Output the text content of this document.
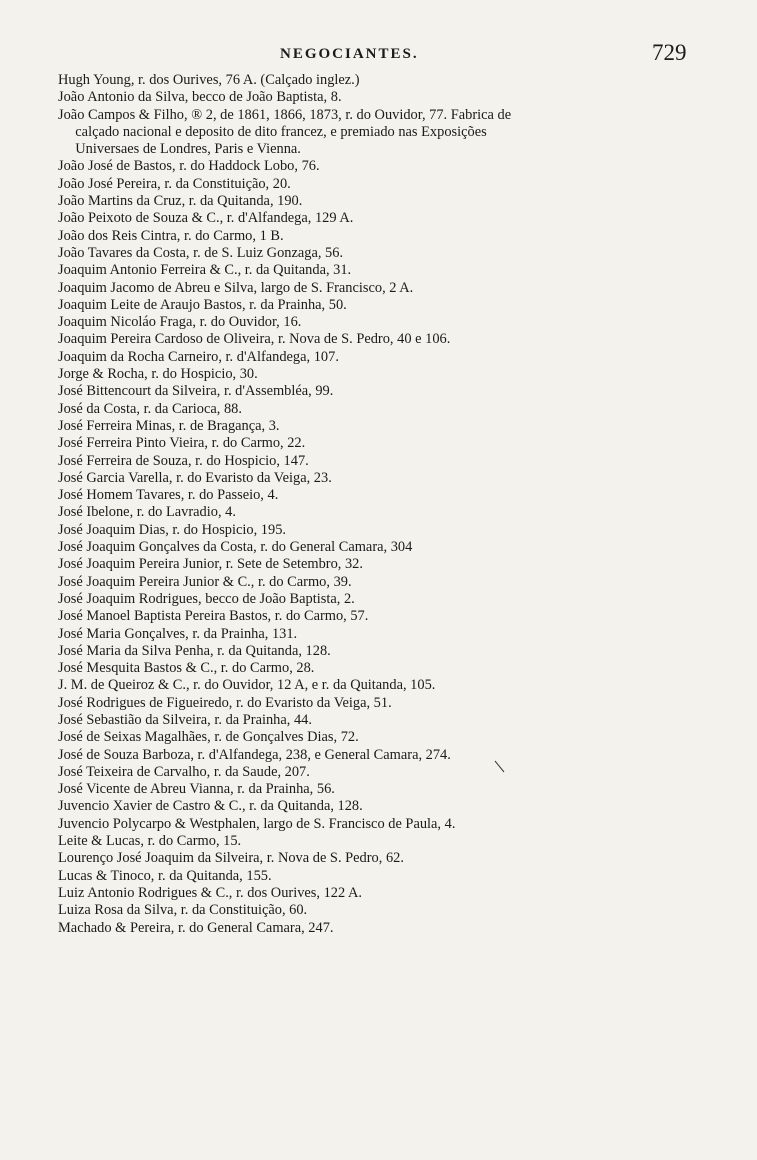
NEGOCIANTES.	729
Hugh Young, r. dos Ourives, 76 A. (Calçado inglez.)
João Antonio da Silva, becco de João Baptista, 8.
João Campos & Filho, ® 2, de 1861, 1866, 1873, r. do Ouvidor, 77. Fabrica de
calçado nacional e deposito de dito francez, e premiado nas Exposições
Universaes de Londres, Paris e Vienna.
João José de Bastos, r. do Haddock Lobo, 76.
João José Pereira, r. da Constituição, 20.
João Martins da Cruz, r. da Quitanda, 190.
João Peixoto de Souza & C., r. d'Alfandega, 129 A.
João dos Reis Cintra, r. do Carmo, 1 B.
João Tavares da Costa, r. de S. Luiz Gonzaga, 56.
Joaquim Antonio Ferreira & C., r. da Quitanda, 31.
Joaquim Jacomo de Abreu e Silva, largo de S. Francisco, 2 A.
Joaquim Leite de Araujo Bastos, r. da Prainha, 50.
Joaquim Nicoláo Fraga, r. do Ouvidor, 16.
Joaquim Pereira Cardoso de Oliveira, r. Nova de S. Pedro, 40 e 106.
Joaquim da Rocha Carneiro, r. d'Alfandega, 107.
Jorge & Rocha, r. do Hospicio, 30.
José Bittencourt da Silveira, r. d'Assembléa, 99.
José da Costa, r. da Carioca, 88.
José Ferreira Minas, r. de Bragança, 3.
José Ferreira Pinto Vieira, r. do Carmo, 22.
José Ferreira de Souza, r. do Hospicio, 147.
José Garcia Varella, r. do Evaristo da Veiga, 23.
José Homem Tavares, r. do Passeio, 4.
José Ibelone, r. do Lavradio, 4.
José Joaquim Dias, r. do Hospicio, 195.
José Joaquim Gonçalves da Costa, r. do General Camara, 304
José Joaquim Pereira Junior, r. Sete de Setembro, 32.
José Joaquim Pereira Junior & C., r. do Carmo, 39.
José Joaquim Rodrigues, becco de João Baptista, 2.
José Manoel Baptista Pereira Bastos, r. do Carmo, 57.
José Maria Gonçalves, r. da Prainha, 131.
José Maria da Silva Penha, r. da Quitanda, 128.
José Mesquita Bastos & C., r. do Carmo, 28.
J. M. de Queiroz & C., r. do Ouvidor, 12 A, e r. da Quitanda, 105.
José Rodrigues de Figueiredo, r. do Evaristo da Veiga, 51.
José Sebastião da Silveira, r. da Prainha, 44.
José de Seixas Magalhães, r. de Gonçalves Dias, 72.
José de Souza Barboza, r. d'Alfandega, 238, e General Camara, 274.
José Teixeira de Carvalho, r. da Saude, 207.
José Vicente de Abreu Vianna, r. da Prainha, 56.
Juvencio Xavier de Castro & C., r. da Quitanda, 128.
Juvencio Polycarpo & Westphalen, largo de S. Francisco de Paula, 4.
Leite & Lucas, r. do Carmo, 15.
Lourenço José Joaquim da Silveira, r. Nova de S. Pedro, 62.
Lucas & Tinoco, r. da Quitanda, 155.
Luiz Antonio Rodrigues & C., r. dos Ourives, 122 A.
Luiza Rosa da Silva, r. da Constituição, 60.
Machado & Pereira, r. do General Camara, 247.
